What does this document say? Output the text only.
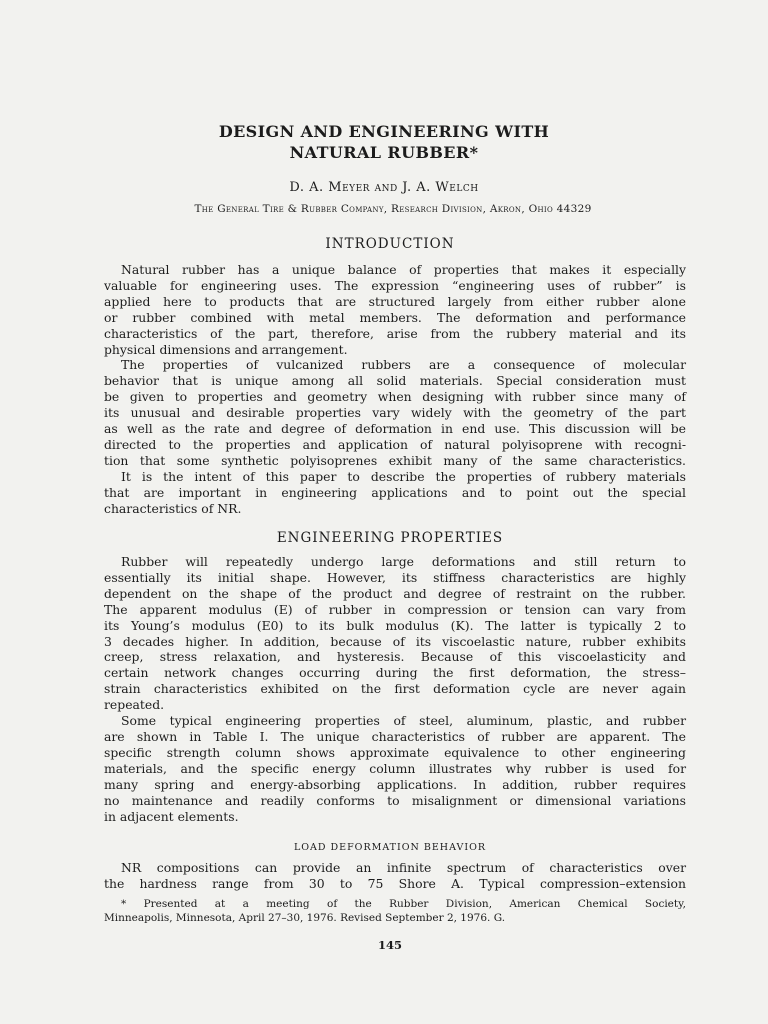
DESIGN AND ENGINEERING WITH
NATURAL RUBBER*

D. A. Meyer and J. A. Welch

The General Tire & Rubber Company, Research Division, Akron, Ohio 44329

INTRODUCTION
Natural rubber has a unique balance of properties that makes it especially
valuable for engineering uses. The expression “engineering uses of rubber” is
applied here to products that are structured largely from either rubber alone
or rubber combined with metal members. The deformation and performance
characteristics of the part, therefore, arise from the rubbery material and its
physical dimensions and arrangement.
The properties of vulcanized rubbers are a consequence of molecular
behavior that is unique among all solid materials. Special consideration must
be given to properties and geometry when designing with rubber since many of
its unusual and desirable properties vary widely with the geometry of the part
as well as the rate and degree of deformation in end use. This discussion will be
directed to the properties and application of natural polyisoprene with recogni-
tion that some synthetic polyisoprenes exhibit many of the same characteristics.
It is the intent of this paper to describe the properties of rubbery materials
that are important in engineering applications and to point out the special
characteristics of NR.
ENGINEERING PROPERTIES
Rubber will repeatedly undergo large deformations and still return to
essentially its initial shape. However, its stiffness characteristics are highly
dependent on the shape of the product and degree of restraint on the rubber.
The apparent modulus (E) of rubber in compression or tension can vary from
its Young’s modulus (E0) to its bulk modulus (K). The latter is typically 2 to
3 decades higher. In addition, because of its viscoelastic nature, rubber exhibits
creep, stress relaxation, and hysteresis. Because of this viscoelasticity and
certain network changes occurring during the first deformation, the stress–
strain characteristics exhibited on the first deformation cycle are never again
repeated.
Some typical engineering properties of steel, aluminum, plastic, and rubber
are shown in Table I. The unique characteristics of rubber are apparent. The
specific strength column shows approximate equivalence to other engineering
materials, and the specific energy column illustrates why rubber is used for
many spring and energy-absorbing applications. In addition, rubber requires
no maintenance and readily conforms to misalignment or dimensional variations
in adjacent elements.
LOAD DEFORMATION BEHAVIOR
NR compositions can provide an infinite spectrum of characteristics over
the hardness range from 30 to 75 Shore A. Typical compression–extension
* Presented at a meeting of the Rubber Division, American Chemical Society,
Minneapolis, Minnesota, April 27–30, 1976. Revised September 2, 1976. G.

145
